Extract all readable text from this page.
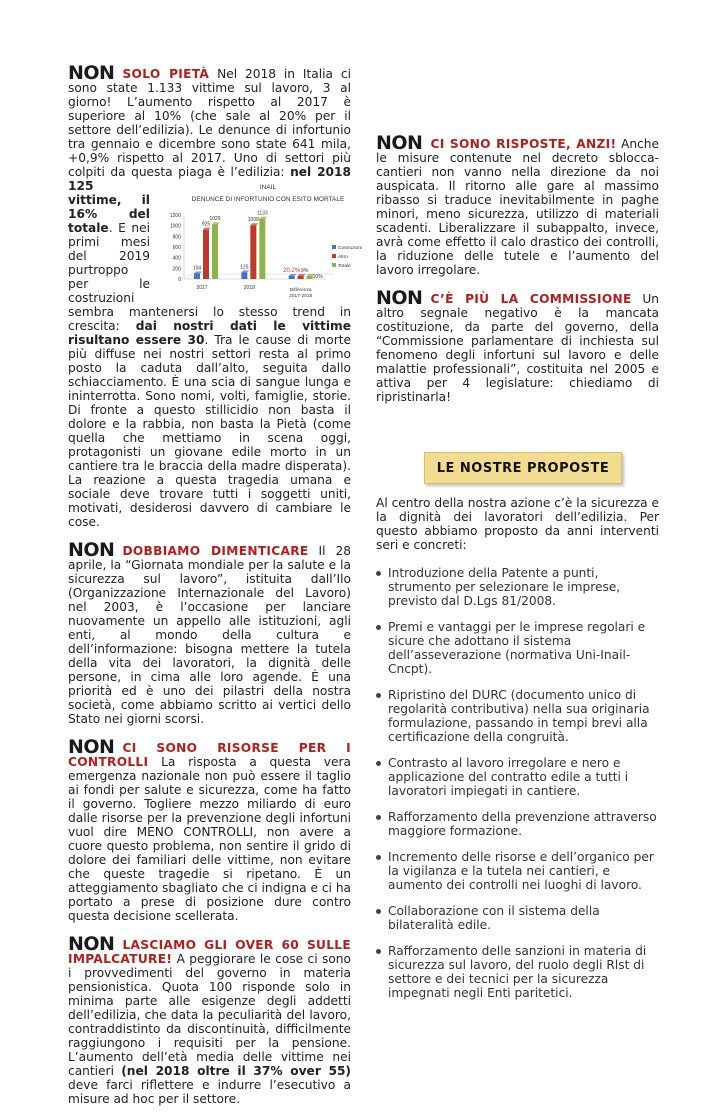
NON SOLO PIETÀ Nel 2018 in Italia ci sono state 1.133 vittime sul lavoro, 3 al giorno! L’aumento rispetto al 2017 è superiore al 10% (che sale al 20% per il settore dell’edilizia). Le denunce di infortunio tra gennaio e dicembre sono state 641 mila, +0,9% rispetto al 2017. Uno di settori più colpiti da questa piaga è l’edilizia:
INAIL
DENUNCE DI INFORTUNIO CON ESITO MORTALE
0
200
400
600
800
1000
1200
104
925
1029
2017
125
1008
1133
2018
20.2% 9%
10%
Differenza
2017-2018
Costruzioni
Altro
Totale
nel 2018 125 vittime, il 16% del totale. E nei primi mesi del 2019 purtroppo per le costruzioni sembra mantenersi lo stesso trend in crescita: dai nostri dati le vittime risultano essere 30. Tra le cause di morte più diffuse nei nostri settori resta al primo posto la caduta dall’alto, seguita dallo schiacciamento. È una scia di sangue lunga e ininterrotta. Sono nomi, volti, famiglie, storie. Di fronte a questo stillicidio non basta il dolore e la rabbia, non basta la Pietà (come quella che mettiamo in scena oggi, protagonisti un giovane edile morto in un cantiere tra le braccia della madre disperata). La reazione a questa tragedia umana e sociale deve trovare tutti i soggetti uniti, motivati, desiderosi davvero di cambiare le cose.

NON DOBBIAMO DIMENTICARE Il 28 aprile, la “Giornata mondiale per la salute e la sicurezza sul lavoro”, istituita dall’Ilo (Organizzazione Internazionale del Lavoro) nel 2003, è l’occasione per lanciare nuovamente un appello alle istituzioni, agli enti, al mondo della cultura e dell’informazione: bisogna mettere la tutela della vita dei lavoratori, la dignità delle persone, in cima alle loro agende. È una priorità ed è uno dei pilastri della nostra società, come abbiamo scritto ai vertici dello Stato nei giorni scorsi.

NON CI SONO RISORSE PER I CONTROLLI La risposta a questa vera emergenza nazionale non può essere il taglio ai fondi per salute e sicurezza, come ha fatto il governo. Togliere mezzo miliardo di euro dalle risorse per la prevenzione degli infortuni vuol dire MENO CONTROLLI, non avere a cuore questo problema, non sentire il grido di dolore dei familiari delle vittime, non evitare che queste tragedie si ripetano. È un atteggiamento sbagliato che ci indigna e ci ha portato a prese di posizione dure contro questa decisione scellerata.

NON LASCIAMO GLI OVER 60 SULLE IMPALCATURE! A peggiorare le cose ci sono i provvedimenti del governo in materia pensionistica. Quota 100 risponde solo in minima parte alle esigenze degli addetti dell’edilizia, che data la peculiarità del lavoro, contraddistinto da discontinuità, difficilmente raggiungono i requisiti per la pensione. L’aumento dell’età media delle vittime nei cantieri (nel 2018 oltre il 37% over 55) deve farci riflettere e indurre l’esecutivo a misure ad hoc per il settore.

NON CI SONO RISPOSTE, ANZI! Anche le misure contenute nel decreto sblocca-cantieri non vanno nella direzione da noi auspicata. Il ritorno alle gare al massimo ribasso si traduce inevitabilmente in paghe minori, meno sicurezza, utilizzo di materiali scadenti. Liberalizzare il subappalto, invece, avrà come effetto il calo drastico dei controlli, la riduzione delle tutele e l’aumento del lavoro irregolare.

NON C’È PIÙ LA COMMISSIONE Un altro segnale negativo è la mancata costituzione, da parte del governo, della “Commissione parlamentare di inchiesta sul fenomeno degli infortuni sul lavoro e delle malattie professionali”, costituita nel 2005 e attiva per 4 legislature: chiediamo di ripristinarla!

LE NOSTRE PROPOSTE

Al centro della nostra azione c’è la sicurezza e la dignità dei lavoratori dell’edilizia. Per questo abbiamo proposto da anni interventi seri e concreti:

Introduzione della Patente a punti, strumento per selezionare le imprese, previsto dal D.Lgs 81/2008.
Premi e vantaggi per le imprese regolari e sicure che adottano il sistema dell’asseverazione (normativa Uni-Inail-Cncpt).
Ripristino del DURC (documento unico di regolarità contributiva) nella sua originaria formulazione, passando in tempi brevi alla certificazione della congruità.
Contrasto al lavoro irregolare e nero e applicazione del contratto edile a tutti i lavoratori impiegati in cantiere.
Rafforzamento della prevenzione attraverso maggiore formazione.
Incremento delle risorse e dell’organico per la vigilanza e la tutela nei cantieri, e aumento dei controlli nei luoghi di lavoro.
Collaborazione con il sistema della bilateralità edile.
Rafforzamento delle sanzioni in materia di sicurezza sul lavoro, del ruolo degli Rlst di settore e dei tecnici per la sicurezza impegnati negli Enti paritetici.
